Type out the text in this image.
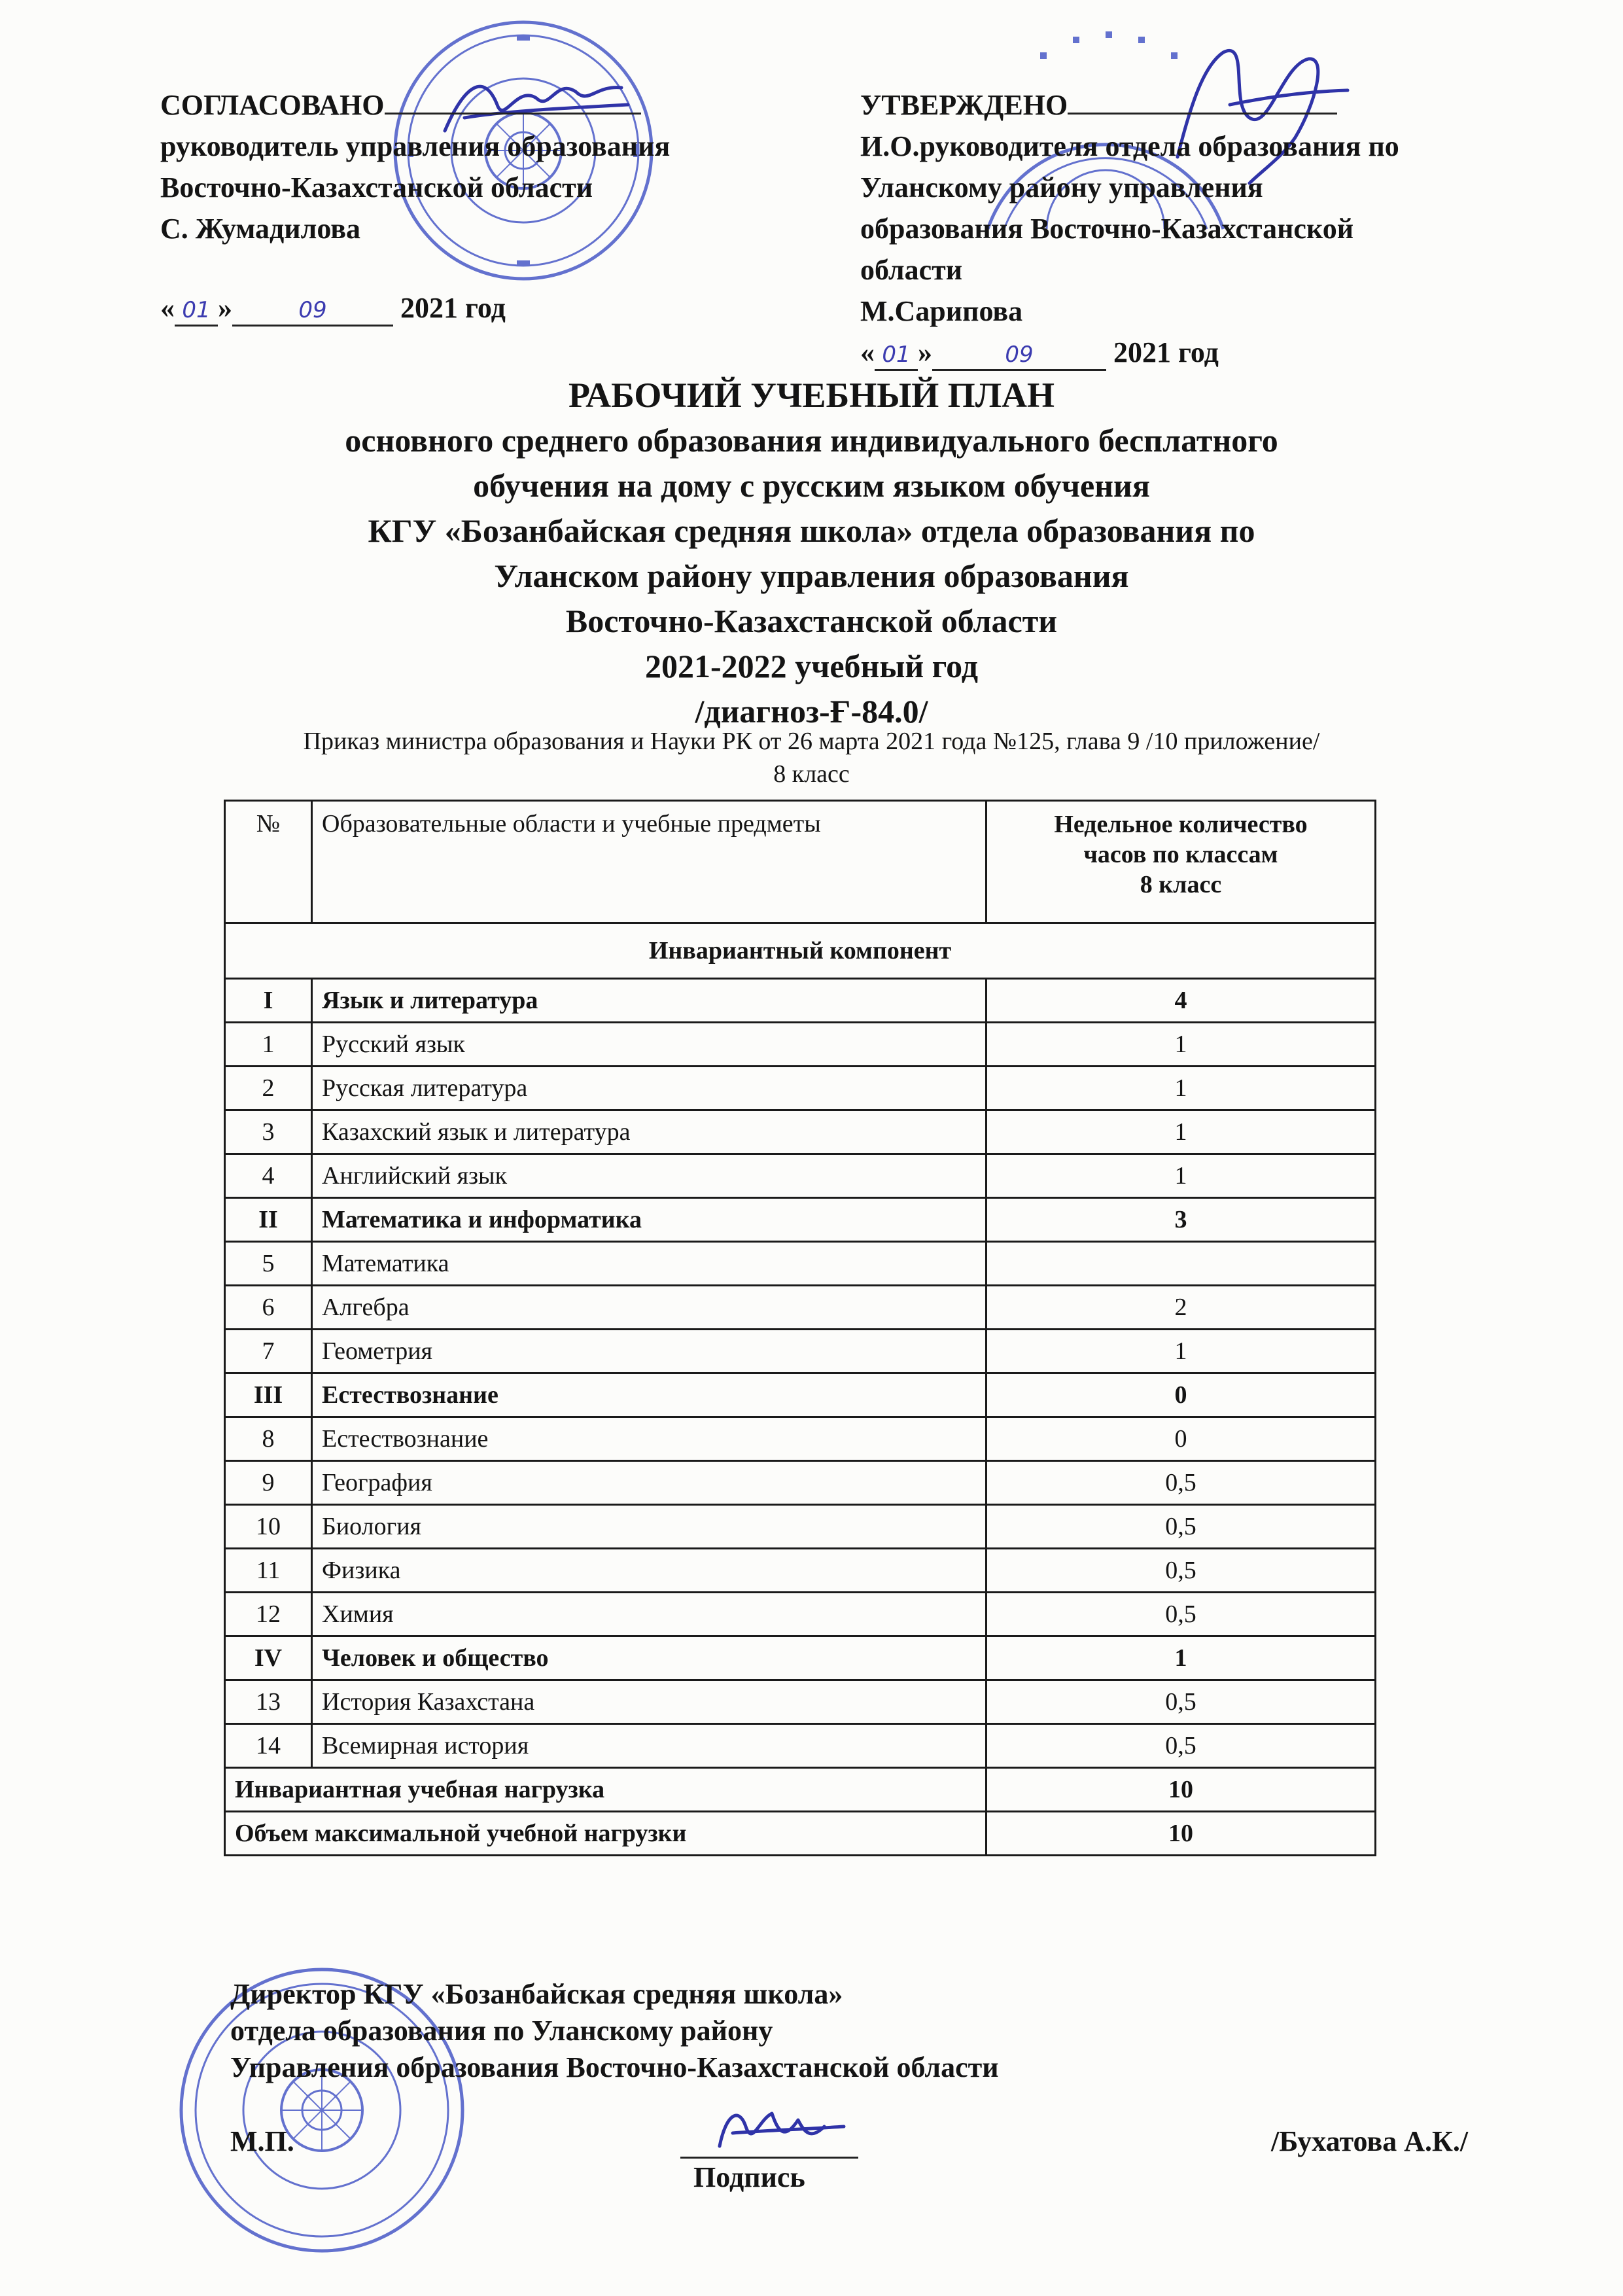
СОГЛАСОВАНО
руководитель управления образования
Восточно-Казахстанской области
С. Жумадилова
« 01 »	09	2021 год
УТВЕРЖДЕНО
И.О.руководителя отдела образования по
Уланскому району управления
образования Восточно-Казахстанской
области
М.Сарипова
« 01 »	09	2021 год
РАБОЧИЙ УЧЕБНЫЙ ПЛАН
основного среднего образования индивидуального бесплатного
обучения на дому с русским языком обучения
КГУ «Бозанбайская средняя школа» отдела образования по
Уланском району управления образования
Восточно-Казахстанской области
2021-2022 учебный год
/диагноз-Ғ-84.0/
Приказ министра образования и Науки РК от 26 марта 2021 года №125, глава 9 /10 приложение/
8 класс
№	Образовательные области и учебные предметы	Недельное количество
часов по классам
8 класс

Инвариантный компонент		
I	Язык и литература	4
1	Русский язык	1
2	Русская литература	1
3	Казахский язык и литература	1
4	Английский язык	1
II	Математика и информатика	3
5	Математика	
6	Алгебра	2
7	Геометрия	1
III	Естествознание	0
8	Естествознание	0
9	География	0,5
10	Биология	0,5
11	Физика	0,5
12	Химия	0,5
IV	Человек и общество	1
13	История Казахстана	0,5
14	Всемирная история	0,5
Инвариантная учебная нагрузка		10
Объем максимальной учебной нагрузки		10
Директор КГУ «Бозанбайская средняя школа»
отдела образования по Уланскому району
Управления образования Восточно-Казахстанской области
М.П.
Подпись
/Бухатова А.К./
